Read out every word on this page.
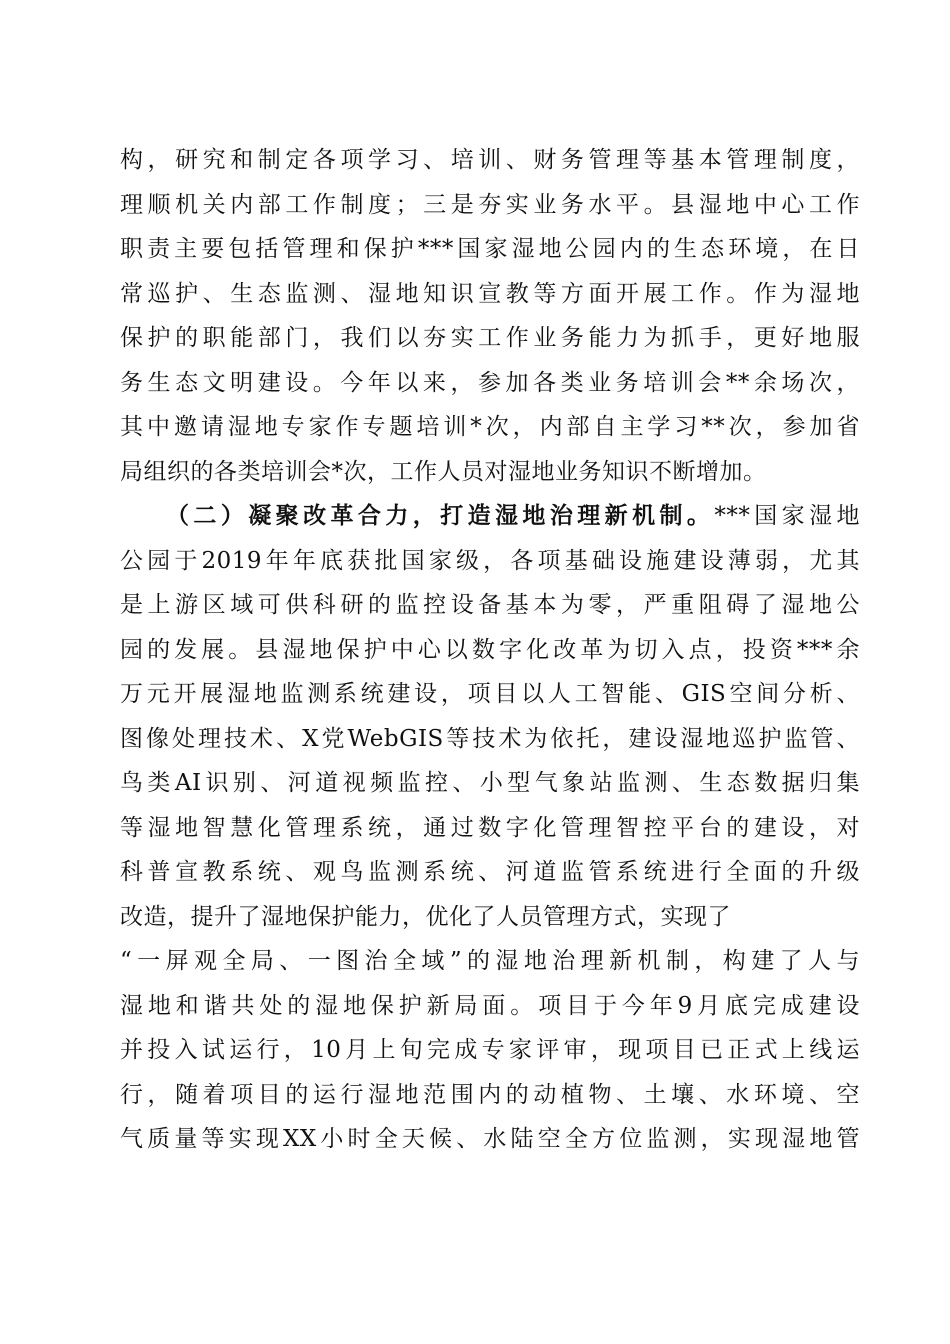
构，研究和制定各项学习、培训、财务管理等基本管理制度，
理顺机关内部工作制度；三是夯实业务水平。县湿地中心工作
职责主要包括管理和保护***国家湿地公园内的生态环境，在日
常巡护、生态监测、湿地知识宣教等方面开展工作。作为湿地
保护的职能部门，我们以夯实工作业务能力为抓手，更好地服
务生态文明建设。今年以来，参加各类业务培训会**余场次，
其中邀请湿地专家作专题培训*次，内部自主学习**次，参加省
局组织的各类培训会*次，工作人员对湿地业务知识不断增加。
（二）凝聚改革合力，打造湿地治理新机制。***国家湿地
公园于2019年年底获批国家级，各项基础设施建设薄弱，尤其
是上游区域可供科研的监控设备基本为零，严重阻碍了湿地公
园的发展。县湿地保护中心以数字化改革为切入点，投资***余
万元开展湿地监测系统建设，项目以人工智能、GIS空间分析、
图像处理技术、X党WebGIS等技术为依托，建设湿地巡护监管、
鸟类AI识别、河道视频监控、小型气象站监测、生态数据归集
等湿地智慧化管理系统，通过数字化管理智控平台的建设，对
科普宣教系统、观鸟监测系统、河道监管系统进行全面的升级
改造，提升了湿地保护能力，优化了人员管理方式，实现了
“一屏观全局、一图治全域”的湿地治理新机制，构建了人与
湿地和谐共处的湿地保护新局面。项目于今年9月底完成建设
并投入试运行，10月上旬完成专家评审，现项目已正式上线运
行，随着项目的运行湿地范围内的动植物、土壤、水环境、空
气质量等实现XX小时全天候、水陆空全方位监测，实现湿地管
